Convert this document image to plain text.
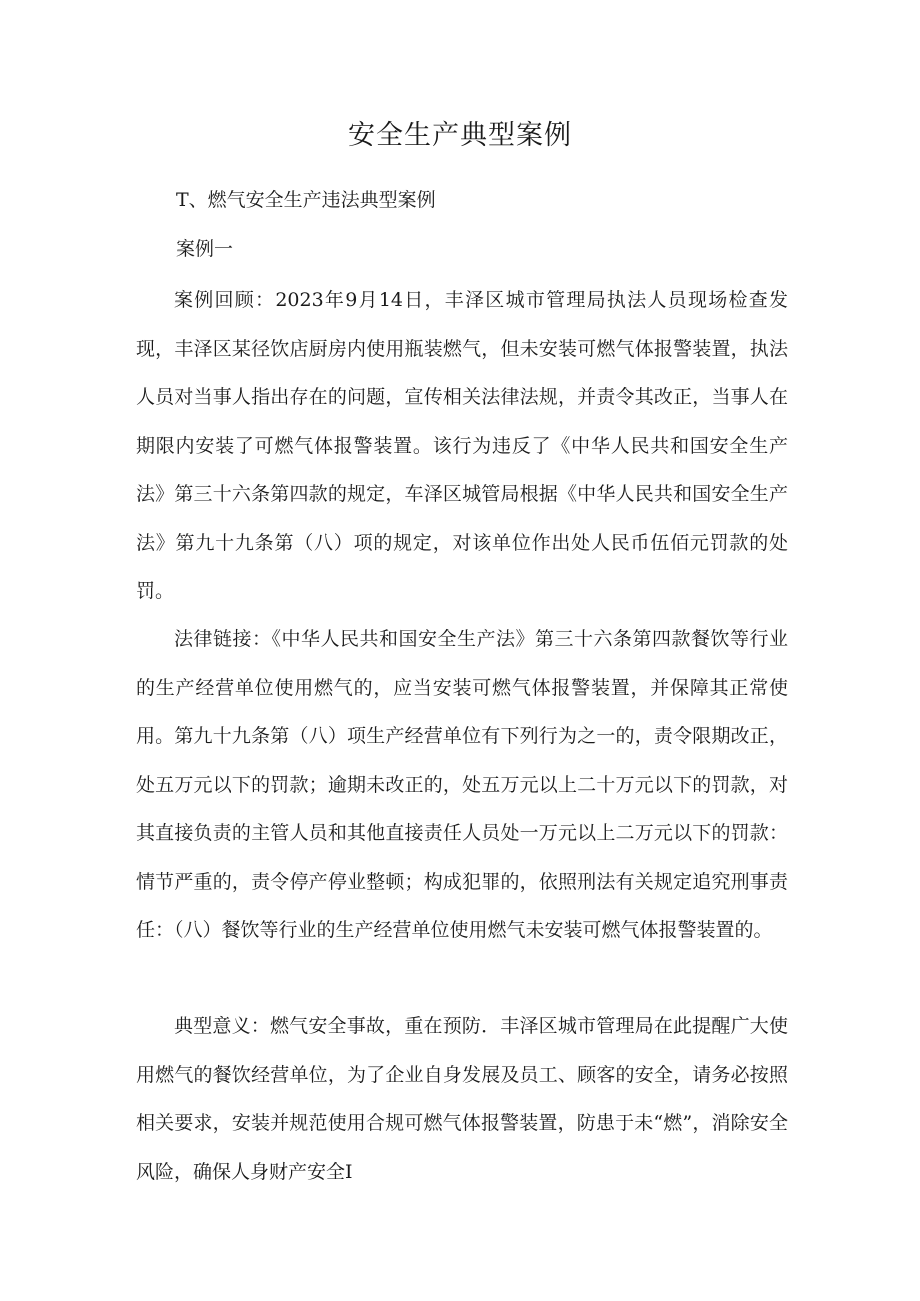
安全生产典型案例

T、燃气安全生产违法典型案例

案例一

案例回顾：2023年9月14日，丰泽区城市管理局执法人员现场检查发现，丰泽区某径饮店厨房内使用瓶装燃气，但未安装可燃气体报警装置，执法人员对当事人指出存在的问题，宣传相关法律法规，并责令其改正，当事人在期限内安装了可燃气体报警装置。该行为违反了《中华人民共和国安全生产法》第三十六条第四款的规定，车泽区城管局根据《中华人民共和国安全生产法》第九十九条第（八）项的规定，对该单位作出处人民币伍佰元罚款的处罚。

法律链接：《中华人民共和国安全生产法》第三十六条第四款餐饮等行业的生产经营单位使用燃气的，应当安装可燃气体报警装置，并保障其正常使用。第九十九条第（八）项生产经营单位有下列行为之一的，责令限期改正，处五万元以下的罚款；逾期未改正的，处五万元以上二十万元以下的罚款，对其直接负责的主管人员和其他直接责任人员处一万元以上二万元以下的罚款：情节严重的，责令停产停业整顿；构成犯罪的，依照刑法有关规定追究刑事责任：（八）餐饮等行业的生产经营单位使用燃气未安装可燃气体报警装置的。

典型意义：燃气安全事故，重在预防．丰泽区城市管理局在此提醒广大使用燃气的餐饮经营单位，为了企业自身发展及员工、顾客的安全，请务必按照相关要求，安装并规范使用合规可燃气体报警装置，防患于未“燃”，消除安全风险，确保人身财产安全I
